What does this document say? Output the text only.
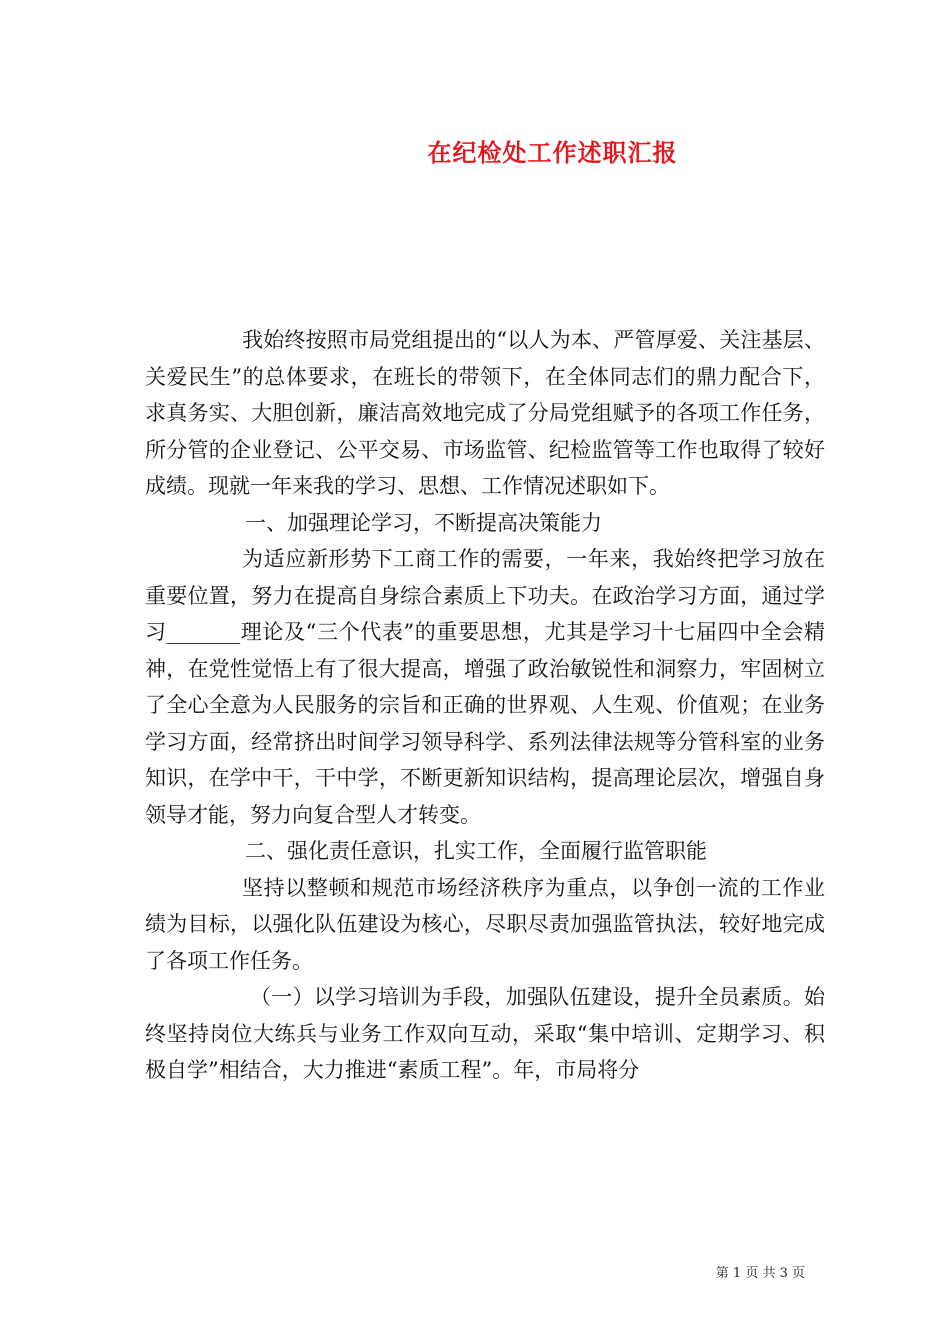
在纪检处工作述职汇报

我始终按照市局党组提出的“以人为本、严管厚爱、关注基层、关爱民生”的总体要求，在班长的带领下，在全体同志们的鼎力配合下，求真务实、大胆创新，廉洁高效地完成了分局党组赋予的各项工作任务，所分管的企业登记、公平交易、市场监管、纪检监管等工作也取得了较好成绩。现就一年来我的学习、思想、工作情况述职如下。

一、加强理论学习，不断提高决策能力

为适应新形势下工商工作的需要，一年来，我始终把学习放在重要位置，努力在提高自身综合素质上下功夫。在政治学习方面，通过学习_______理论及“三个代表”的重要思想，尤其是学习十七届四中全会精神，在党性觉悟上有了很大提高，增强了政治敏锐性和洞察力，牢固树立了全心全意为人民服务的宗旨和正确的世界观、人生观、价值观；在业务学习方面，经常挤出时间学习领导科学、系列法律法规等分管科室的业务知识，在学中干，干中学，不断更新知识结构，提高理论层次，增强自身领导才能，努力向复合型人才转变。

二、强化责任意识，扎实工作，全面履行监管职能

坚持以整顿和规范市场经济秩序为重点，以争创一流的工作业绩为目标，以强化队伍建设为核心，尽职尽责加强监管执法，较好地完成了各项工作任务。

（一）以学习培训为手段，加强队伍建设，提升全员素质。始终坚持岗位大练兵与业务工作双向互动，采取“集中培训、定期学习、积极自学”相结合，大力推进“素质工程”。年，市局将分

第 1 页 共 3 页
